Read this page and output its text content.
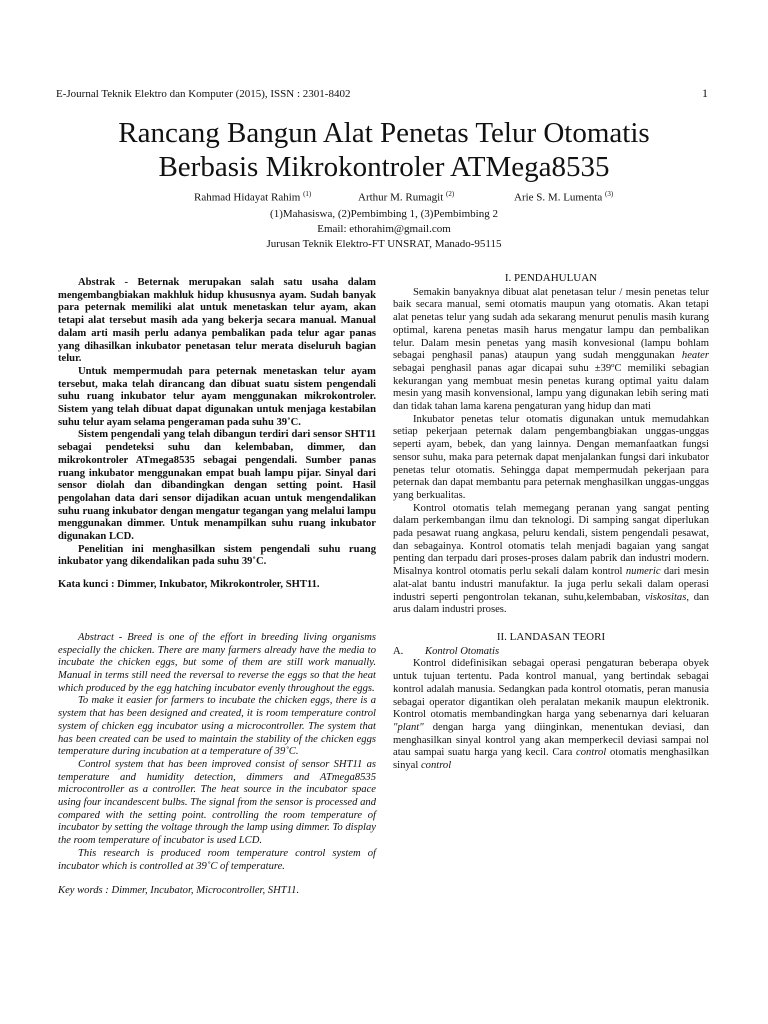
E-Journal Teknik Elektro dan Komputer (2015), ISSN : 2301-8402	1
Rancang Bangun Alat Penetas Telur Otomatis
Berbasis Mikrokontroler ATMega8535
Rahmad Hidayat Rahim $^{(1)}$	Arthur M. Rumagit $^{(2)}$	Arie S. M. Lumenta $^{(3)}$
(1)Mahasiswa, (2)Pembimbing 1, (3)Pembimbing 2
Email: ethorahim@gmail.com
Jurusan Teknik Elektro-FT UNSRAT, Manado-95115

Abstrak - Beternak merupakan salah satu usaha dalam mengembangbiakan makhluk hidup khususnya ayam. Sudah banyak para peternak memiliki alat untuk menetaskan telur ayam, akan tetapi alat tersebut masih ada yang bekerja secara manual. Manual dalam arti masih perlu adanya pembalikan pada telur agar panas yang dihasilkan inkubator penetasan telur merata diseluruh bagian telur.

Untuk mempermudah para peternak menetaskan telur ayam tersebut, maka telah dirancang dan dibuat suatu sistem pengendali suhu ruang inkubator telur ayam menggunakan mikrokontroler. Sistem yang telah dibuat dapat digunakan untuk menjaga kestabilan suhu telur ayam selama pengeraman pada suhu 39˚C.

Sistem pengendali yang telah dibangun terdiri dari sensor SHT11 sebagai pendeteksi suhu dan kelembaban, dimmer, dan mikrokontroler ATmega8535 sebagai pengendali. Sumber panas ruang inkubator menggunakan empat buah lampu pijar. Sinyal dari sensor diolah dan dibandingkan dengan setting point. Hasil pengolahan data dari sensor dijadikan acuan untuk mengendalikan suhu ruang inkubator dengan mengatur tegangan yang melalui lampu menggunakan dimmer. Untuk menampilkan suhu ruang inkubator digunakan LCD.

Penelitian ini menghasilkan sistem pengendali suhu ruang inkubator yang dikendalikan pada suhu 39˚C.

Kata kunci : Dimmer, Inkubator, Mikrokontroler, SHT11.

Abstract - Breed is one of the effort in breeding living organisms especially the chicken. There are many farmers already have the media to incubate the chicken eggs, but some of them are still work manually. Manual in terms still need the reversal to reverse the eggs so that the heat which produced by the egg hatching incubator evenly throughout the eggs.

To make it easier for farmers to incubate the chicken eggs, there is a system that has been designed and created, it is room temperature control system of chicken egg incubator using a microcontroller. The system that has been created can be used to maintain the stability of the chicken eggs temperature during incubation at a temperature of 39˚C.

Control system that has been improved consist of sensor SHT11 as temperature and humidity detection, dimmers and ATmega8535 microcontroller as a controller. The heat source in the incubator space using four incandescent bulbs. The signal from the sensor is processed and compared with the setting point. controlling the room temperature of incubator by setting the voltage through the lamp using dimmer. To display the room temperature of incubator is used LCD.

This research is produced room temperature control system of incubator which is controlled at 39˚C of temperature.

Key words : Dimmer, Incubator, Microcontroller, SHT11.

I. PENDAHULUAN

Semakin banyaknya dibuat alat penetasan telur / mesin penetas telur baik secara manual, semi otomatis maupun yang otomatis. Akan tetapi alat penetas telur yang sudah ada sekarang menurut penulis masih kurang optimal, karena penetas masih harus mengatur lampu dan pembalikan telur. Dalam mesin penetas yang masih konvesional (lampu bohlam sebagai penghasil panas) ataupun yang sudah menggunakan heater sebagai penghasil panas agar dicapai suhu ±39ºC memiliki sebagian kekurangan yang membuat mesin penetas kurang optimal yaitu dalam mesin yang masih konvensional, lampu yang digunakan lebih sering mati dan tidak tahan lama karena pengaturan yang hidup dan mati

Inkubator penetas telur otomatis digunakan untuk memudahkan setiap pekerjaan peternak dalam pengembangbiakan unggas-unggas seperti ayam, bebek, dan yang lainnya. Dengan memanfaatkan fungsi sensor suhu, maka para peternak dapat menjalankan fungsi dari inkubator penetas telur otomatis. Sehingga dapat mempermudah pekerjaan para peternak dan dapat membantu para peternak menghasilkan unggas-unggas yang berkualitas.

Kontrol otomatis telah memegang peranan yang sangat penting dalam perkembangan ilmu dan teknologi. Di samping sangat diperlukan pada pesawat ruang angkasa, peluru kendali, sistem pengendali pesawat, dan sebagainya. Kontrol otomatis telah menjadi bagaian yang sangat penting dan terpadu dari proses-proses dalam pabrik dan industri modern. Misalnya kontrol otomatis perlu sekali dalam kontrol numeric dari mesin alat-alat bantu industri manufaktur. Ia juga perlu sekali dalam operasi industri seperti pengontrolan tekanan, suhu,kelembaban, viskositas, dan arus dalam industri proses.

II. LANDASAN TEORI

A. Kontrol Otomatis

Kontrol didefinisikan sebagai operasi pengaturan beberapa obyek untuk tujuan tertentu. Pada kontrol manual, yang bertindak sebagai kontrol adalah manusia. Sedangkan pada kontrol otomatis, peran manusia sebagai operator digantikan oleh peralatan mekanik maupun elektronik. Kontrol otomatis membandingkan harga yang sebenarnya dari keluaran "plant" dengan harga yang diinginkan, menentukan deviasi, dan menghasilkan sinyal kontrol yang akan memperkecil deviasi sampai nol atau sampai suatu harga yang kecil. Cara control otomatis menghasilkan sinyal control
